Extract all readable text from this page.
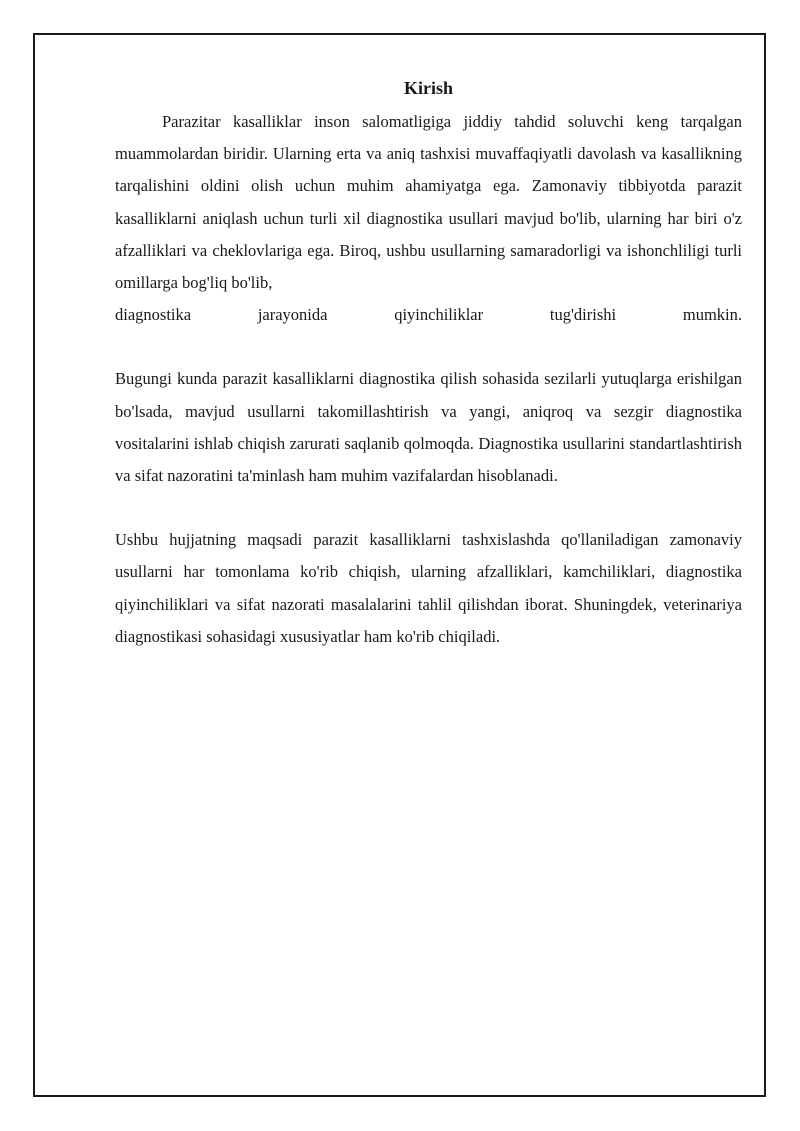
Kirish

Parazitar kasalliklar inson salomatligiga jiddiy tahdid soluvchi keng tarqalgan muammolardan biridir. Ularning erta va aniq tashxisi muvaffaqiyatli davolash va kasallikning tarqalishini oldini olish uchun muhim ahamiyatga ega. Zamonaviy tibbiyotda parazit kasalliklarni aniqlash uchun turli xil diagnostika usullari mavjud bo'lib, ularning har biri o'z afzalliklari va cheklovlariga ega. Biroq, ushbu usullarning samaradorligi va ishonchliligi turli omillarga bog'liq bo'lib,

diagnostika jarayonida qiyinchiliklar tug'dirishi mumkin.

Bugungi kunda parazit kasalliklarni diagnostika qilish sohasida sezilarli yutuqlarga erishilgan bo'lsada, mavjud usullarni takomillashtirish va yangi, aniqroq va sezgir diagnostika vositalarini ishlab chiqish zarurati saqlanib qolmoqda. Diagnostika usullarini standartlashtirish va sifat nazoratini ta'minlash ham muhim vazifalardan hisoblanadi.

Ushbu hujjatning maqsadi parazit kasalliklarni tashxislashda qo'llaniladigan zamonaviy usullarni har tomonlama ko'rib chiqish, ularning afzalliklari, kamchiliklari, diagnostika qiyinchiliklari va sifat nazorati masalalarini tahlil qilishdan iborat. Shuningdek, veterinariya diagnostikasi sohasidagi xususiyatlar ham ko'rib chiqiladi.
